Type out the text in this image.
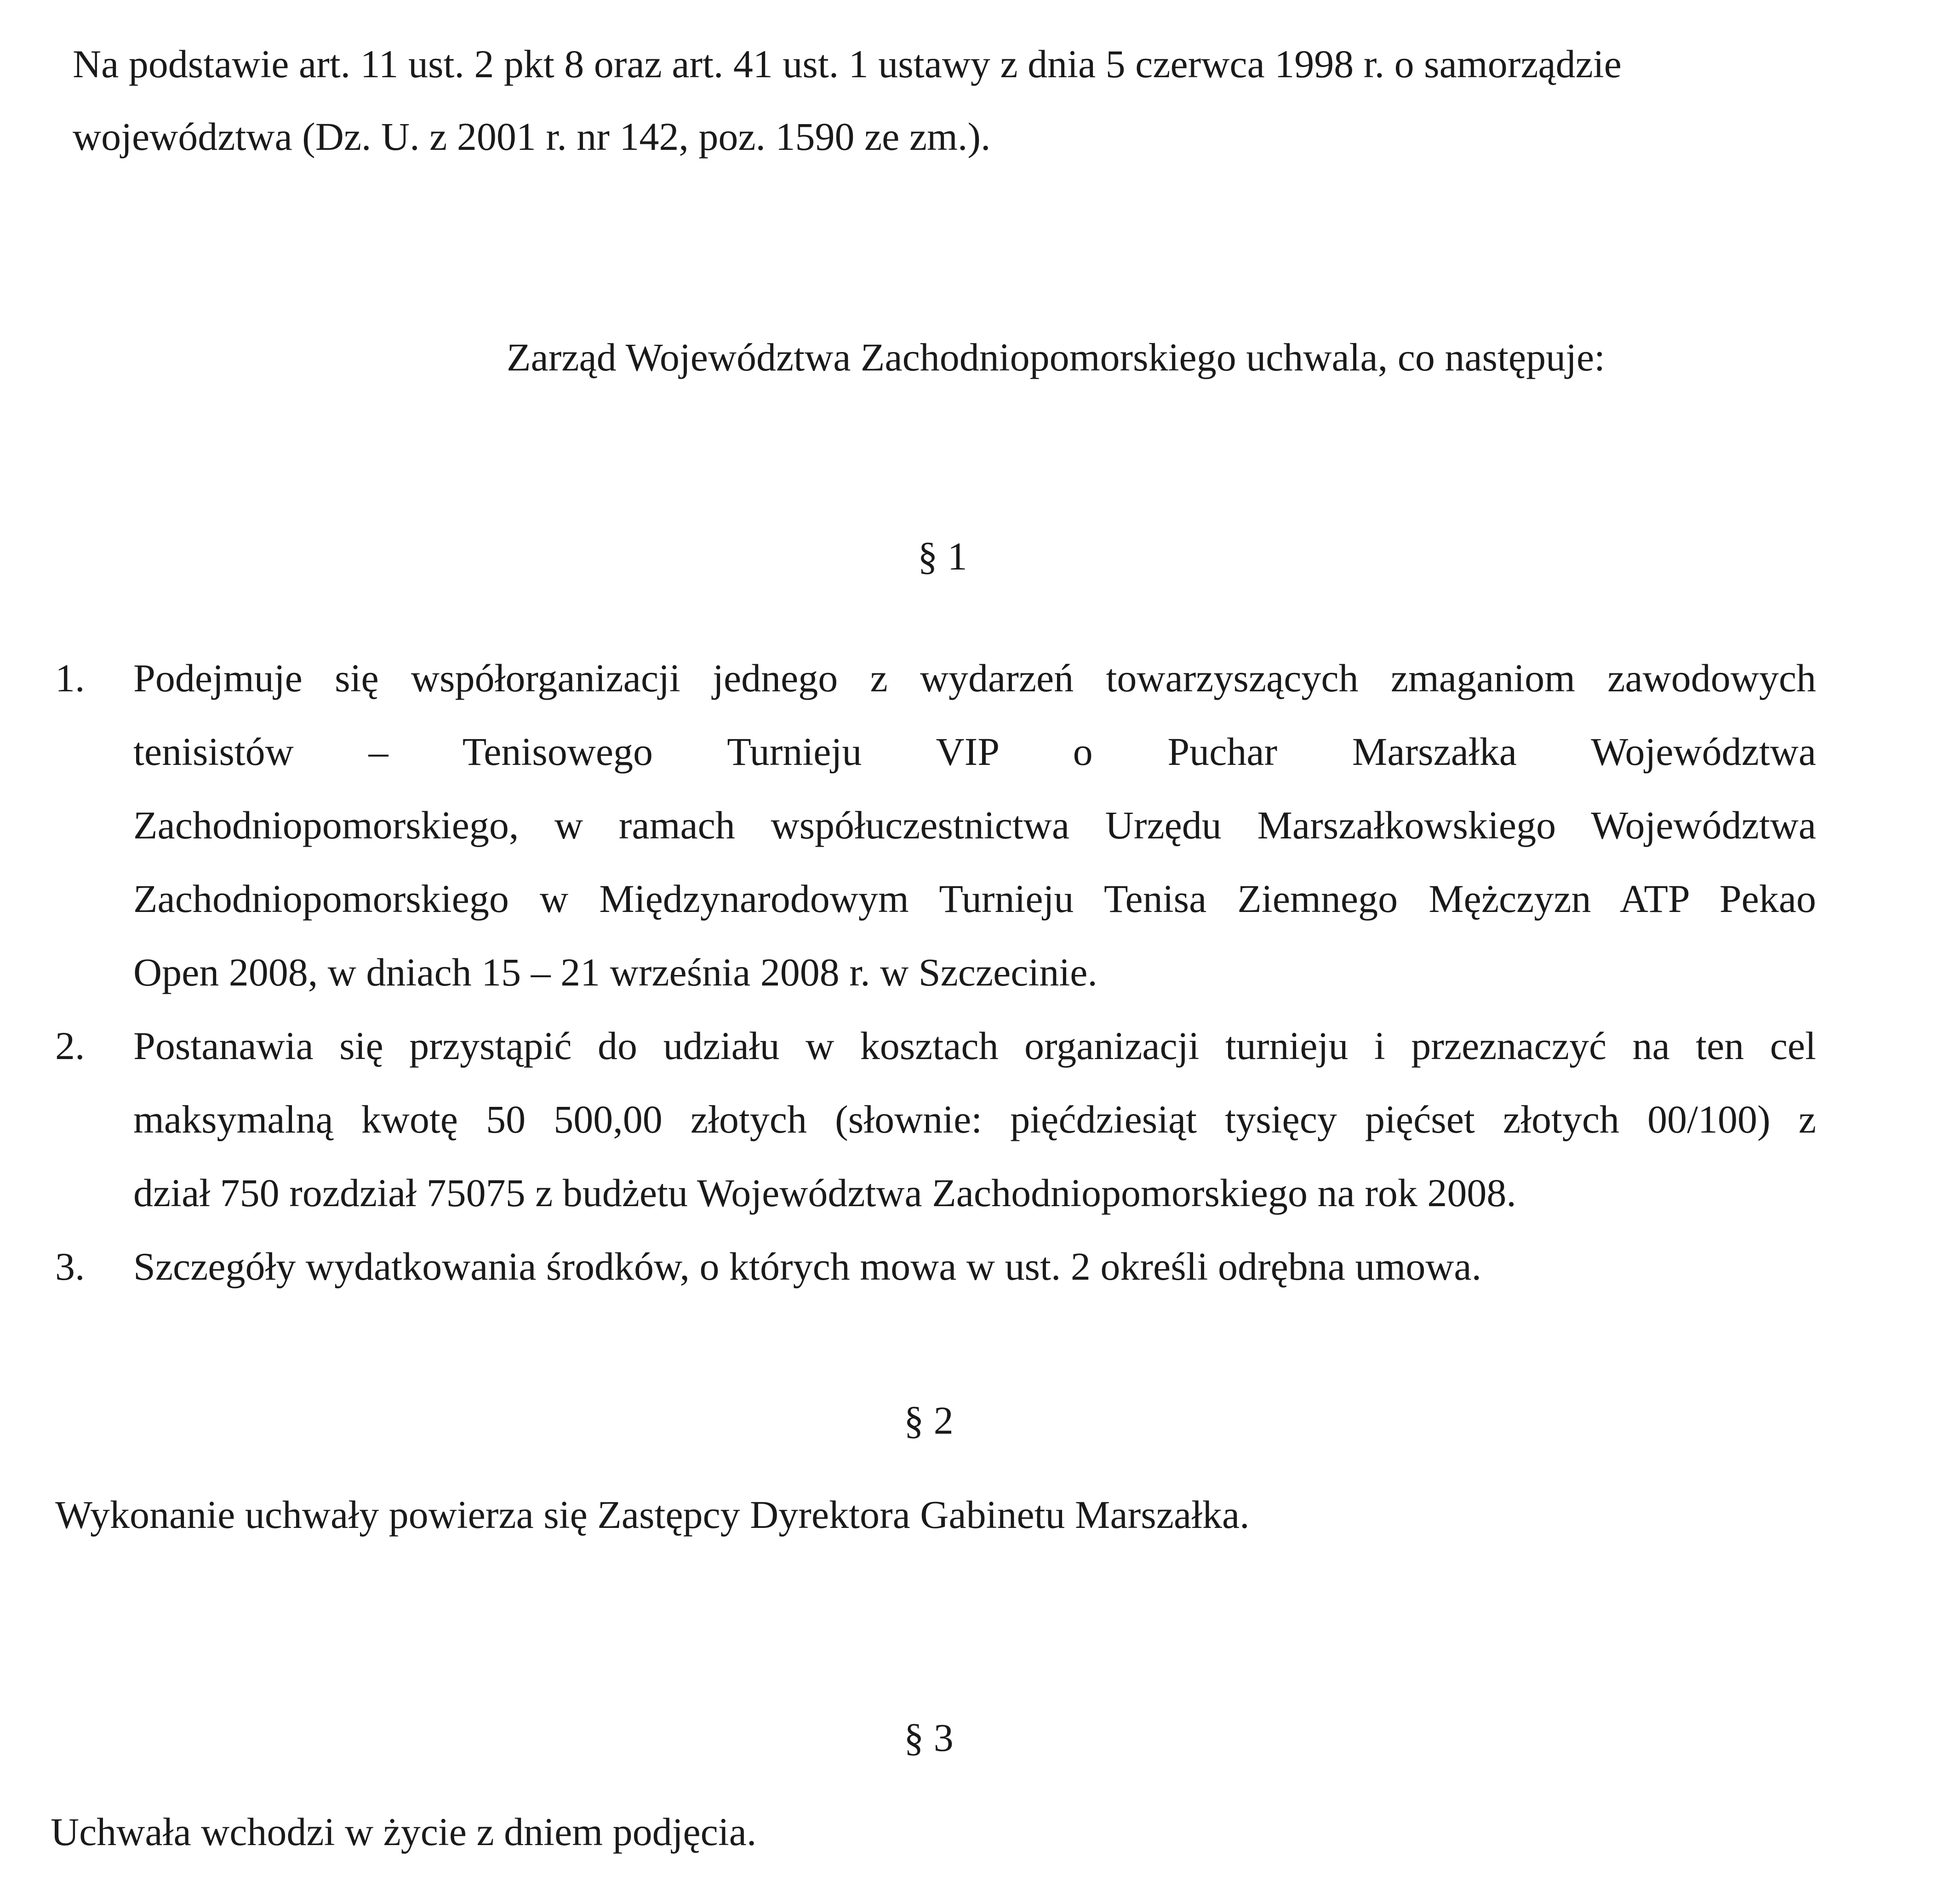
Na podstawie art. 11 ust. 2 pkt 8 oraz art. 41 ust. 1 ustawy z dnia 5 czerwca 1998 r. o samorządzie
województwa (Dz. U. z 2001 r. nr 142, poz. 1590 ze zm.).
Zarząd Województwa Zachodniopomorskiego uchwala, co następuje:
§ 1
1.	Podejmuje się współorganizacji jednego z wydarzeń towarzyszących zmaganiom zawodowych
tenisistów – Tenisowego Turnieju VIP o Puchar Marszałka Województwa
Zachodniopomorskiego, w ramach współuczestnictwa Urzędu Marszałkowskiego Województwa
Zachodniopomorskiego w Międzynarodowym Turnieju Tenisa Ziemnego Mężczyzn ATP Pekao
Open 2008, w dniach 15 – 21 września 2008 r. w Szczecinie.
2.	Postanawia się przystąpić do udziału w kosztach organizacji turnieju i przeznaczyć na ten cel
maksymalną kwotę 50 500,00 złotych (słownie: pięćdziesiąt tysięcy pięćset złotych 00/100) z
dział 750 rozdział 75075 z budżetu Województwa Zachodniopomorskiego na rok 2008.
3.	Szczegóły wydatkowania środków, o których mowa w ust. 2 określi odrębna umowa.
§ 2
Wykonanie uchwały powierza się Zastępcy Dyrektora Gabinetu Marszałka.
§ 3
Uchwała wchodzi w życie z dniem podjęcia.
